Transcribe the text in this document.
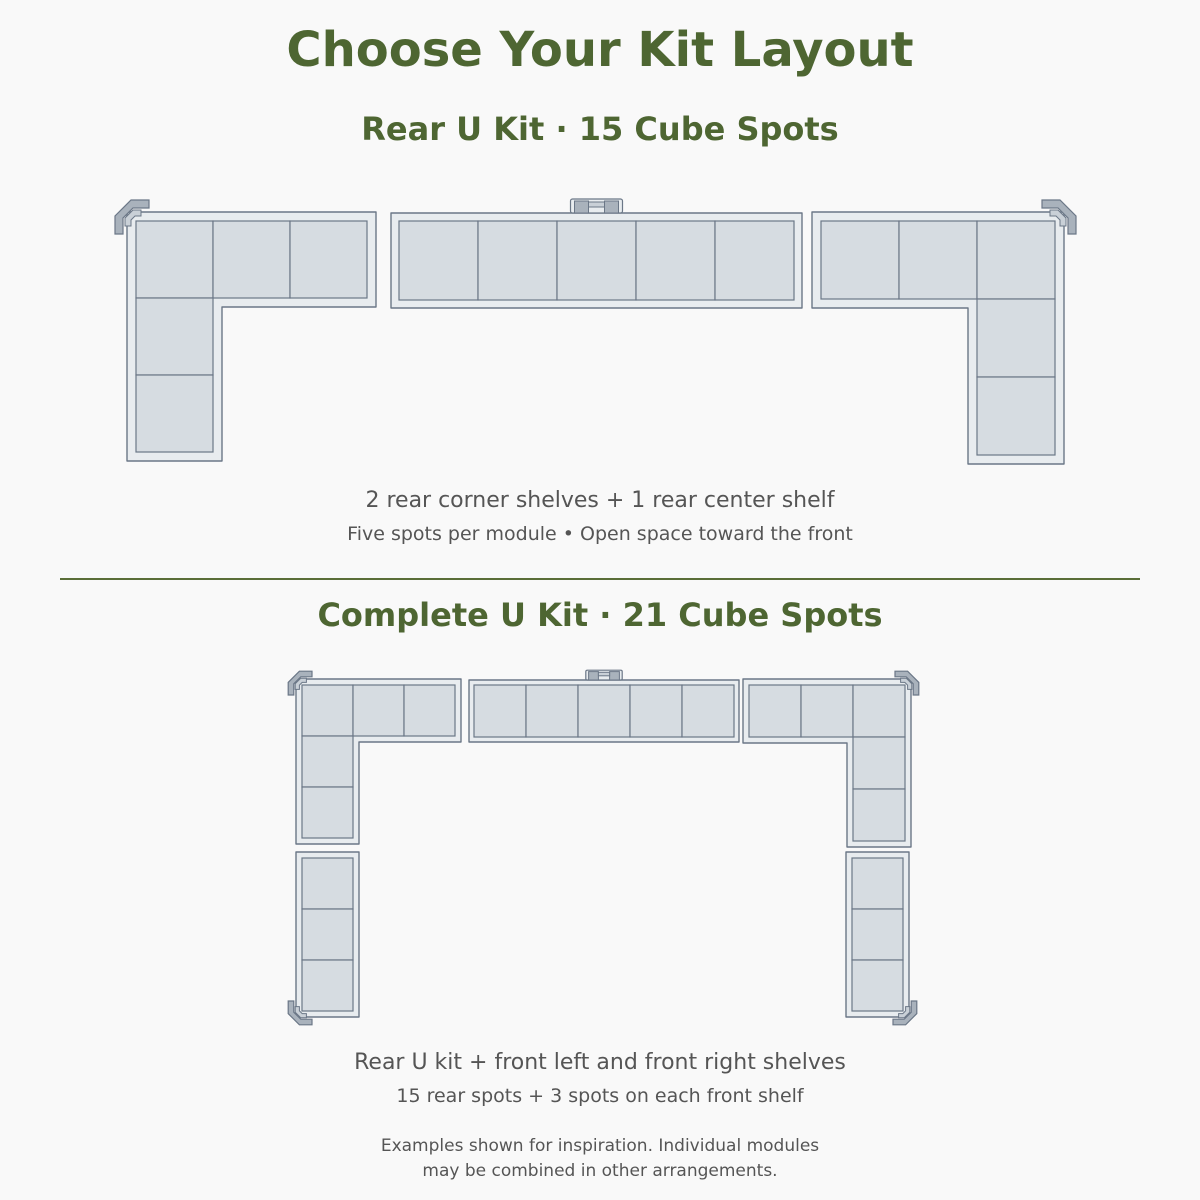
Choose Your Kit Layout
Rear U Kit · 15 Cube Spots
2 rear corner shelves + 1 rear center shelf
Five spots per module • Open space toward the front
Complete U Kit · 21 Cube Spots
Rear U kit + front left and front right shelves
15 rear spots + 3 spots on each front shelf
Examples shown for inspiration. Individual modules
may be combined in other arrangements.
